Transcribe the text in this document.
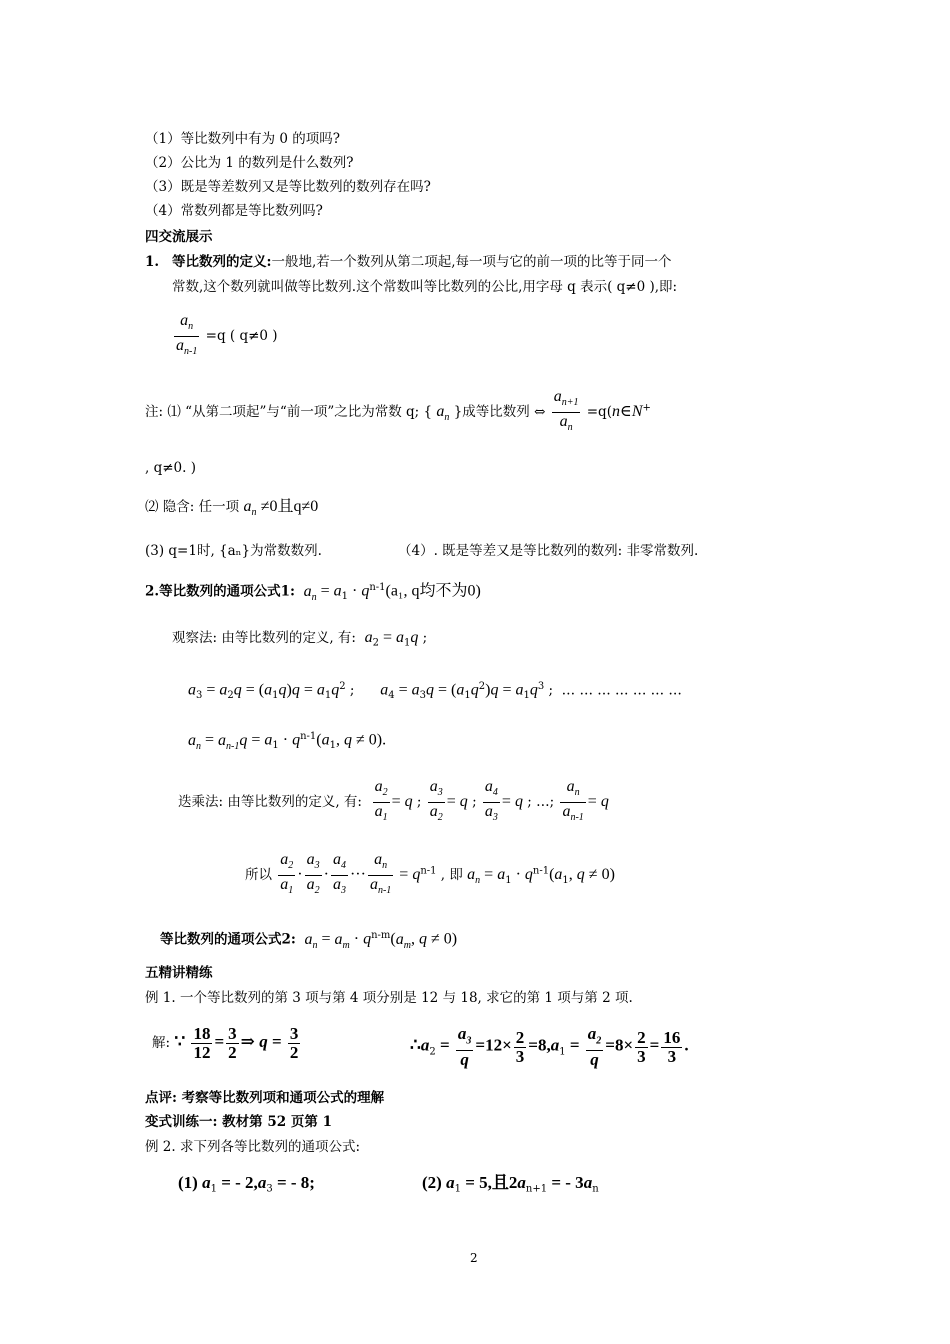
（1）等比数列中有为 0 的项吗?
（2）公比为 1 的数列是什么数列?
（3）既是等差数列又是等比数列的数列存在吗?
（4）常数列都是等比数列吗?
四交流展示
1. 等比数列的定义:一般地,若一个数列从第二项起,每一项与它的前一项的比等于同一个
常数,这个数列就叫做等比数列.这个常数叫等比数列的公比,用字母 q 表示( q≠0 ),即:
$\frac{a_n}{a_{n-1}} =q$ ( q≠0 )
注: ⑴ “从第二项起”与“前一项”之比为常数 q; { $a_n$ }成等比数列 ⇔ $\frac{a_{n+1}}{a_n}$ =q(n∈N+
, q≠0. )
⑵ 隐含: 任一项 $a_n \ne 0$且q≠0
(3) q=1时, {aₙ}为常数数列.	（4）. 既是等差又是等比数列的数列: 非零常数列.
2.等比数列的通项公式1: $a_n = a_1 \cdot q^{n-1}(a_1$, q均不为0)
观察法: 由等比数列的定义, 有: $a_2 = a_1q$ ;
$a_3 = a_2q = (a_1q)q = a_1q^2$ ;      $a_4 = a_3q = (a_1q^2)q = a_1q^3$ ;  … … … … … … …
$a_n = a_{n-1}q = a_1 \cdot q^{n-1}(a_1$, q ≠ 0).
迭乘法: 由等比数列的定义, 有: $\frac{a_2}{a_1} = q$ ; $\frac{a_3}{a_2} = q$ ; $\frac{a_4}{a_3} = q$ ; …; $\frac{a_n}{a_{n-1}} = q$
所以 $\frac{a_2}{a_1} \cdot \frac{a_3}{a_2} \cdot \frac{a_4}{a_3}$ ··· $\frac{a_n}{a_{n-1}} = q^{n-1}$ , 即 $a_n = a_1 \cdot q^{n-1}(a_1$, q ≠ 0)
等比数列的通项公式2: $a_n = a_m \cdot q^{n-m}(a_m$, q ≠ 0)
五精讲精练
例 1. 一个等比数列的第 3 项与第 4 项分别是 12 与 18, 求它的第 1 项与第 2 项.
解: ∵ $\frac{18}{12} = \frac{3}{2}$ ⇒ $q = \frac{3}{2}$	$\therefore a_2 = \frac{a_3}{q} =12\times \frac{2}{3} =8,a_1 = \frac{a_2}{q} =8\times \frac{2}{3} = \frac{16}{3}$ .
点评: 考察等比数列项和通项公式的理解
变式训练一: 教材第 52 页第 1
例 2. 求下列各等比数列的通项公式:
(1) $a_1$ = - $2,a_3$ = - 8;	(2) $a_1 = 5$,且$2a_{n+1}$ = - $3a_n$
2
